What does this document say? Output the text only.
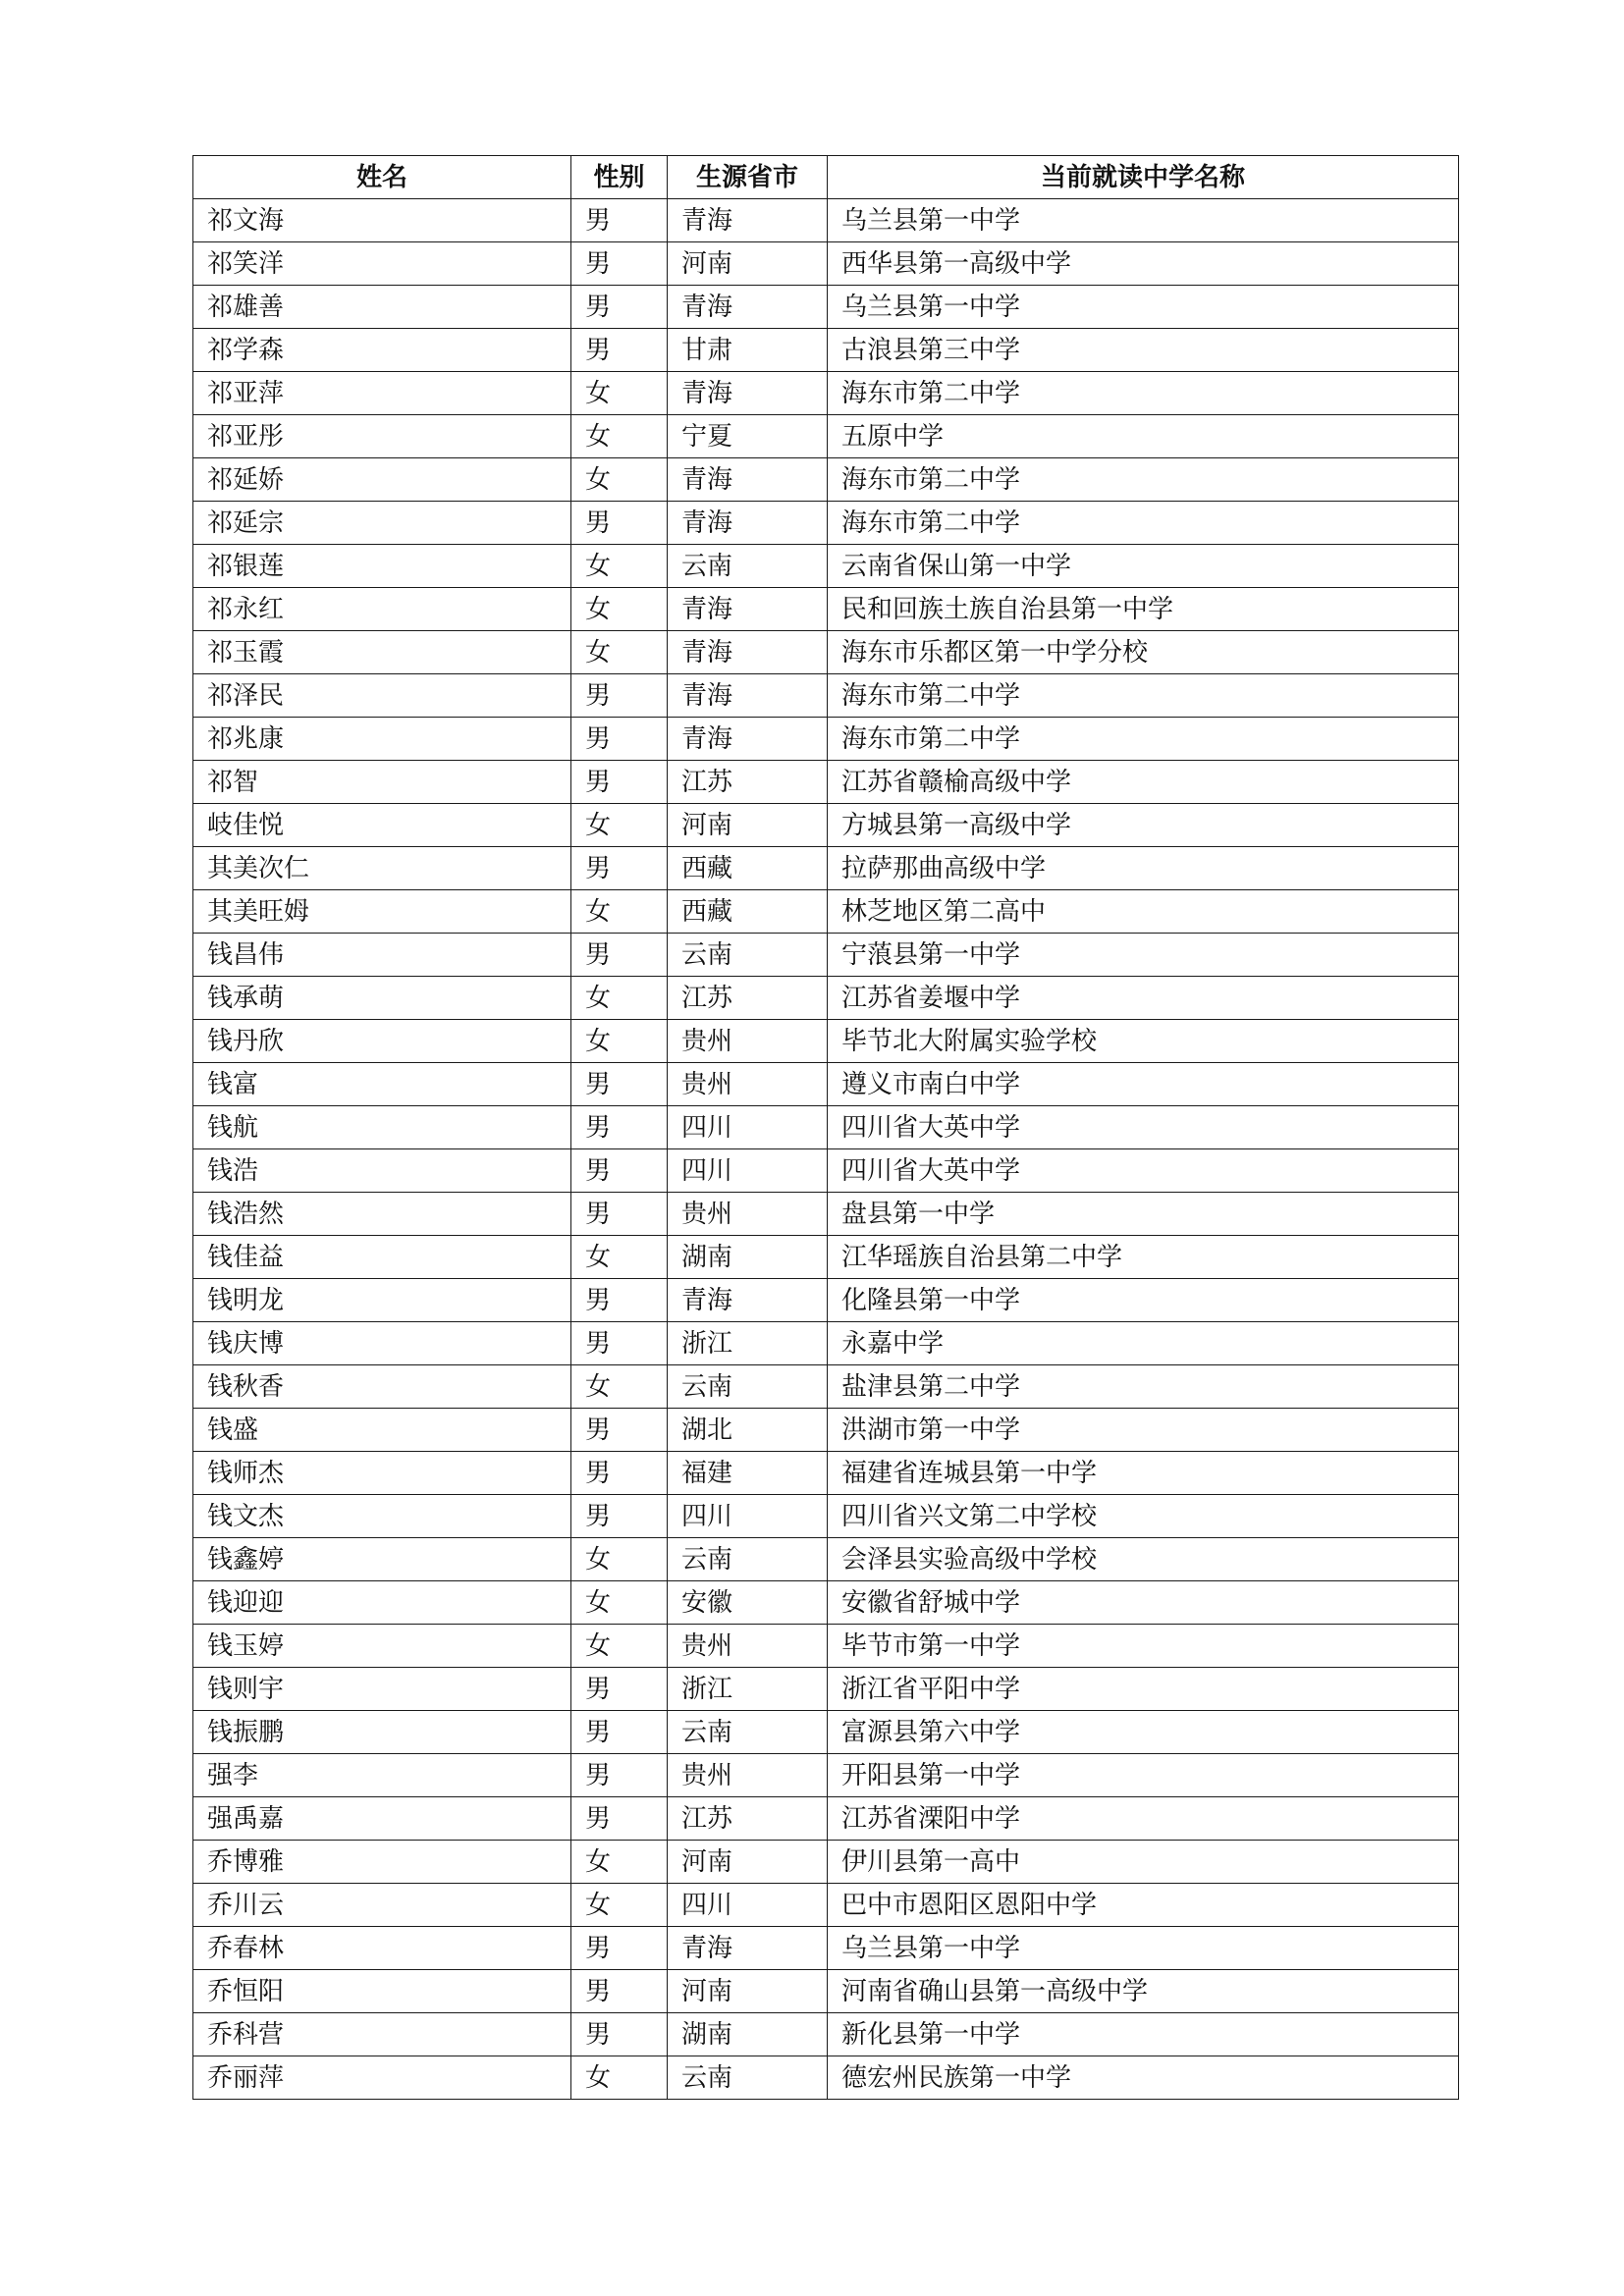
姓名	性别	生源省市	当前就读中学名称
祁文海	男	青海	乌兰县第一中学
祁笑洋	男	河南	西华县第一高级中学
祁雄善	男	青海	乌兰县第一中学
祁学森	男	甘肃	古浪县第三中学
祁亚萍	女	青海	海东市第二中学
祁亚彤	女	宁夏	五原中学
祁延娇	女	青海	海东市第二中学
祁延宗	男	青海	海东市第二中学
祁银莲	女	云南	云南省保山第一中学
祁永红	女	青海	民和回族土族自治县第一中学
祁玉霞	女	青海	海东市乐都区第一中学分校
祁泽民	男	青海	海东市第二中学
祁兆康	男	青海	海东市第二中学
祁智	男	江苏	江苏省赣榆高级中学
岐佳悦	女	河南	方城县第一高级中学
其美次仁	男	西藏	拉萨那曲高级中学
其美旺姆	女	西藏	林芝地区第二高中
钱昌伟	男	云南	宁蒗县第一中学
钱承萌	女	江苏	江苏省姜堰中学
钱丹欣	女	贵州	毕节北大附属实验学校
钱富	男	贵州	遵义市南白中学
钱航	男	四川	四川省大英中学
钱浩	男	四川	四川省大英中学
钱浩然	男	贵州	盘县第一中学
钱佳益	女	湖南	江华瑶族自治县第二中学
钱明龙	男	青海	化隆县第一中学
钱庆博	男	浙江	永嘉中学
钱秋香	女	云南	盐津县第二中学
钱盛	男	湖北	洪湖市第一中学
钱师杰	男	福建	福建省连城县第一中学
钱文杰	男	四川	四川省兴文第二中学校
钱鑫婷	女	云南	会泽县实验高级中学校
钱迎迎	女	安徽	安徽省舒城中学
钱玉婷	女	贵州	毕节市第一中学
钱则宇	男	浙江	浙江省平阳中学
钱振鹏	男	云南	富源县第六中学
强李	男	贵州	开阳县第一中学
强禹嘉	男	江苏	江苏省溧阳中学
乔博雅	女	河南	伊川县第一高中
乔川云	女	四川	巴中市恩阳区恩阳中学
乔春林	男	青海	乌兰县第一中学
乔恒阳	男	河南	河南省确山县第一高级中学
乔科营	男	湖南	新化县第一中学
乔丽萍	女	云南	德宏州民族第一中学
